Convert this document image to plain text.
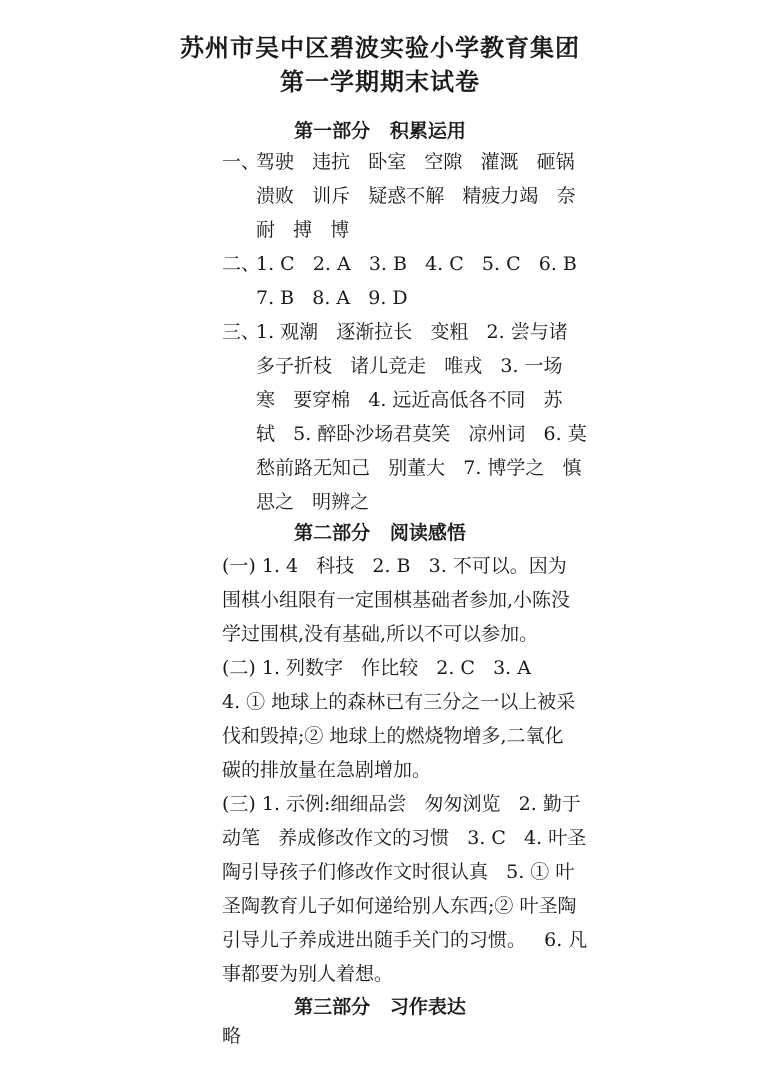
苏州市吴中区碧波实验小学教育集团
第一学期期末试卷
第一部分   积累运用
一、
驾驶   违抗   卧室   空隙   灌溉   砸锅
溃败   训斥   疑惑不解   精疲力竭   奈
耐   搏   博
二、
1. C   2. A   3. B   4. C   5. C   6. B
7. B   8. A   9. D
三、
1. 观潮   逐渐拉长   变粗   2. 尝与诸
多子折枝   诸儿竞走   唯戎   3. 一场
寒   要穿棉   4. 远近高低各不同   苏
轼   5. 醉卧沙场君莫笑   凉州词   6. 莫
愁前路无知己   别董大   7. 博学之   慎
思之   明辨之
第二部分   阅读感悟
(一) 1. 4   科技   2. B   3. 不可以。因为
围棋小组限有一定围棋基础者参加,小陈没
学过围棋,没有基础,所以不可以参加。
(二) 1. 列数字   作比较   2. C   3. A
4. ① 地球上的森林已有三分之一以上被采
伐和毁掉;② 地球上的燃烧物增多,二氧化
碳的排放量在急剧增加。
(三) 1. 示例:细细品尝   匆匆浏览   2. 勤于
动笔   养成修改作文的习惯   3. C   4. 叶圣
陶引导孩子们修改作文时很认真   5. ① 叶
圣陶教育儿子如何递给别人东西;② 叶圣陶
引导儿子养成进出随手关门的习惯。   6. 凡
事都要为别人着想。
第三部分   习作表达
略
